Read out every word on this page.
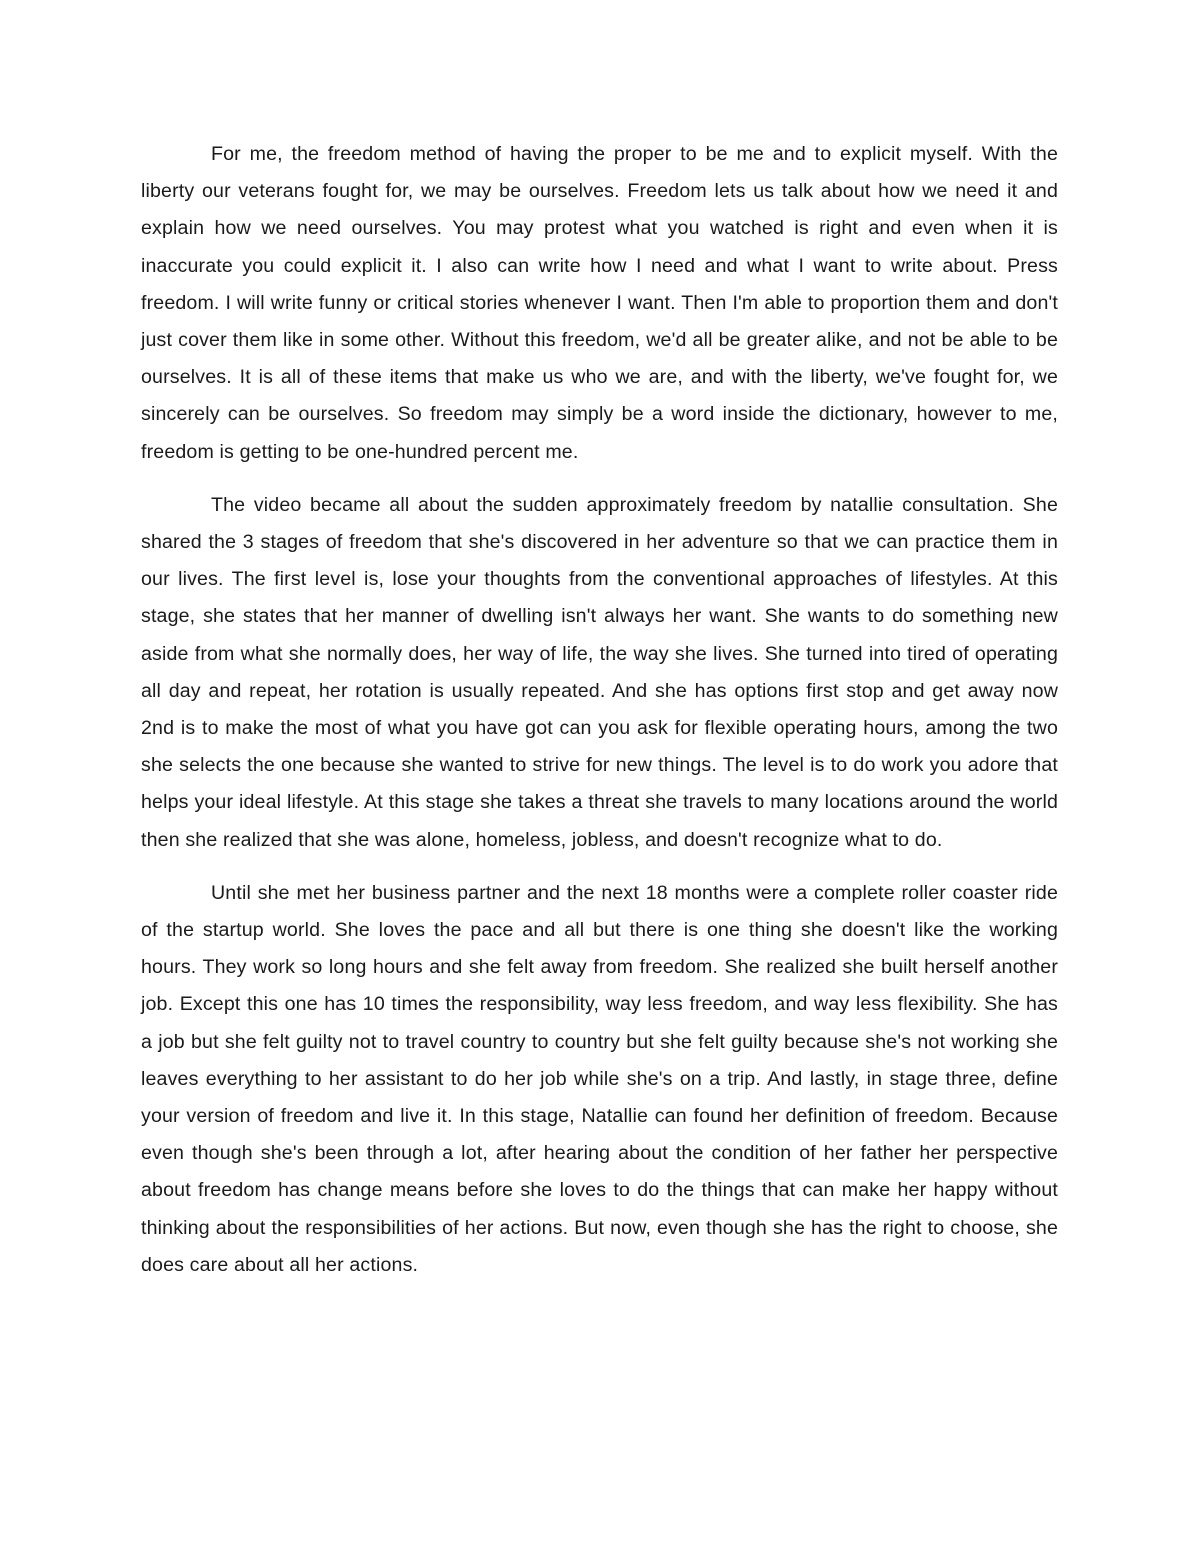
For me, the freedom method of having the proper to be me and to explicit myself. With the liberty our veterans fought for, we may be ourselves. Freedom lets us talk about how we need it and explain how we need ourselves. You may protest what you watched is right and even when it is inaccurate you could explicit it. I also can write how I need and what I want to write about. Press freedom. I will write funny or critical stories whenever I want. Then I'm able to proportion them and don't just cover them like in some other. Without this freedom, we'd all be greater alike, and not be able to be ourselves. It is all of these items that make us who we are, and with the liberty, we've fought for, we sincerely can be ourselves. So freedom may simply be a word inside the dictionary, however to me, freedom is getting to be one-hundred percent me.

The video became all about the sudden approximately freedom by natallie consultation. She shared the 3 stages of freedom that she's discovered in her adventure so that we can practice them in our lives. The first level is, lose your thoughts from the conventional approaches of lifestyles. At this stage, she states that her manner of dwelling isn't always her want. She wants to do something new aside from what she normally does, her way of life, the way she lives. She turned into tired of operating all day and repeat, her rotation is usually repeated. And she has options first stop and get away now 2nd is to make the most of what you have got can you ask for flexible operating hours, among the two she selects the one because she wanted to strive for new things. The level is to do work you adore that helps your ideal lifestyle. At this stage she takes a threat she travels to many locations around the world then she realized that she was alone, homeless, jobless, and doesn't recognize what to do.

Until she met her business partner and the next 18 months were a complete roller coaster ride of the startup world. She loves the pace and all but there is one thing she doesn't like the working hours. They work so long hours and she felt away from freedom. She realized she built herself another job. Except this one has 10 times the responsibility, way less freedom, and way less flexibility. She has a job but she felt guilty not to travel country to country but she felt guilty because she's not working she leaves everything to her assistant to do her job while she's on a trip. And lastly, in stage three, define your version of freedom and live it. In this stage, Natallie can found her definition of freedom. Because even though she's been through a lot, after hearing about the condition of her father her perspective about freedom has change means before she loves to do the things that can make her happy without thinking about the responsibilities of her actions. But now, even though she has the right to choose, she does care about all her actions.
